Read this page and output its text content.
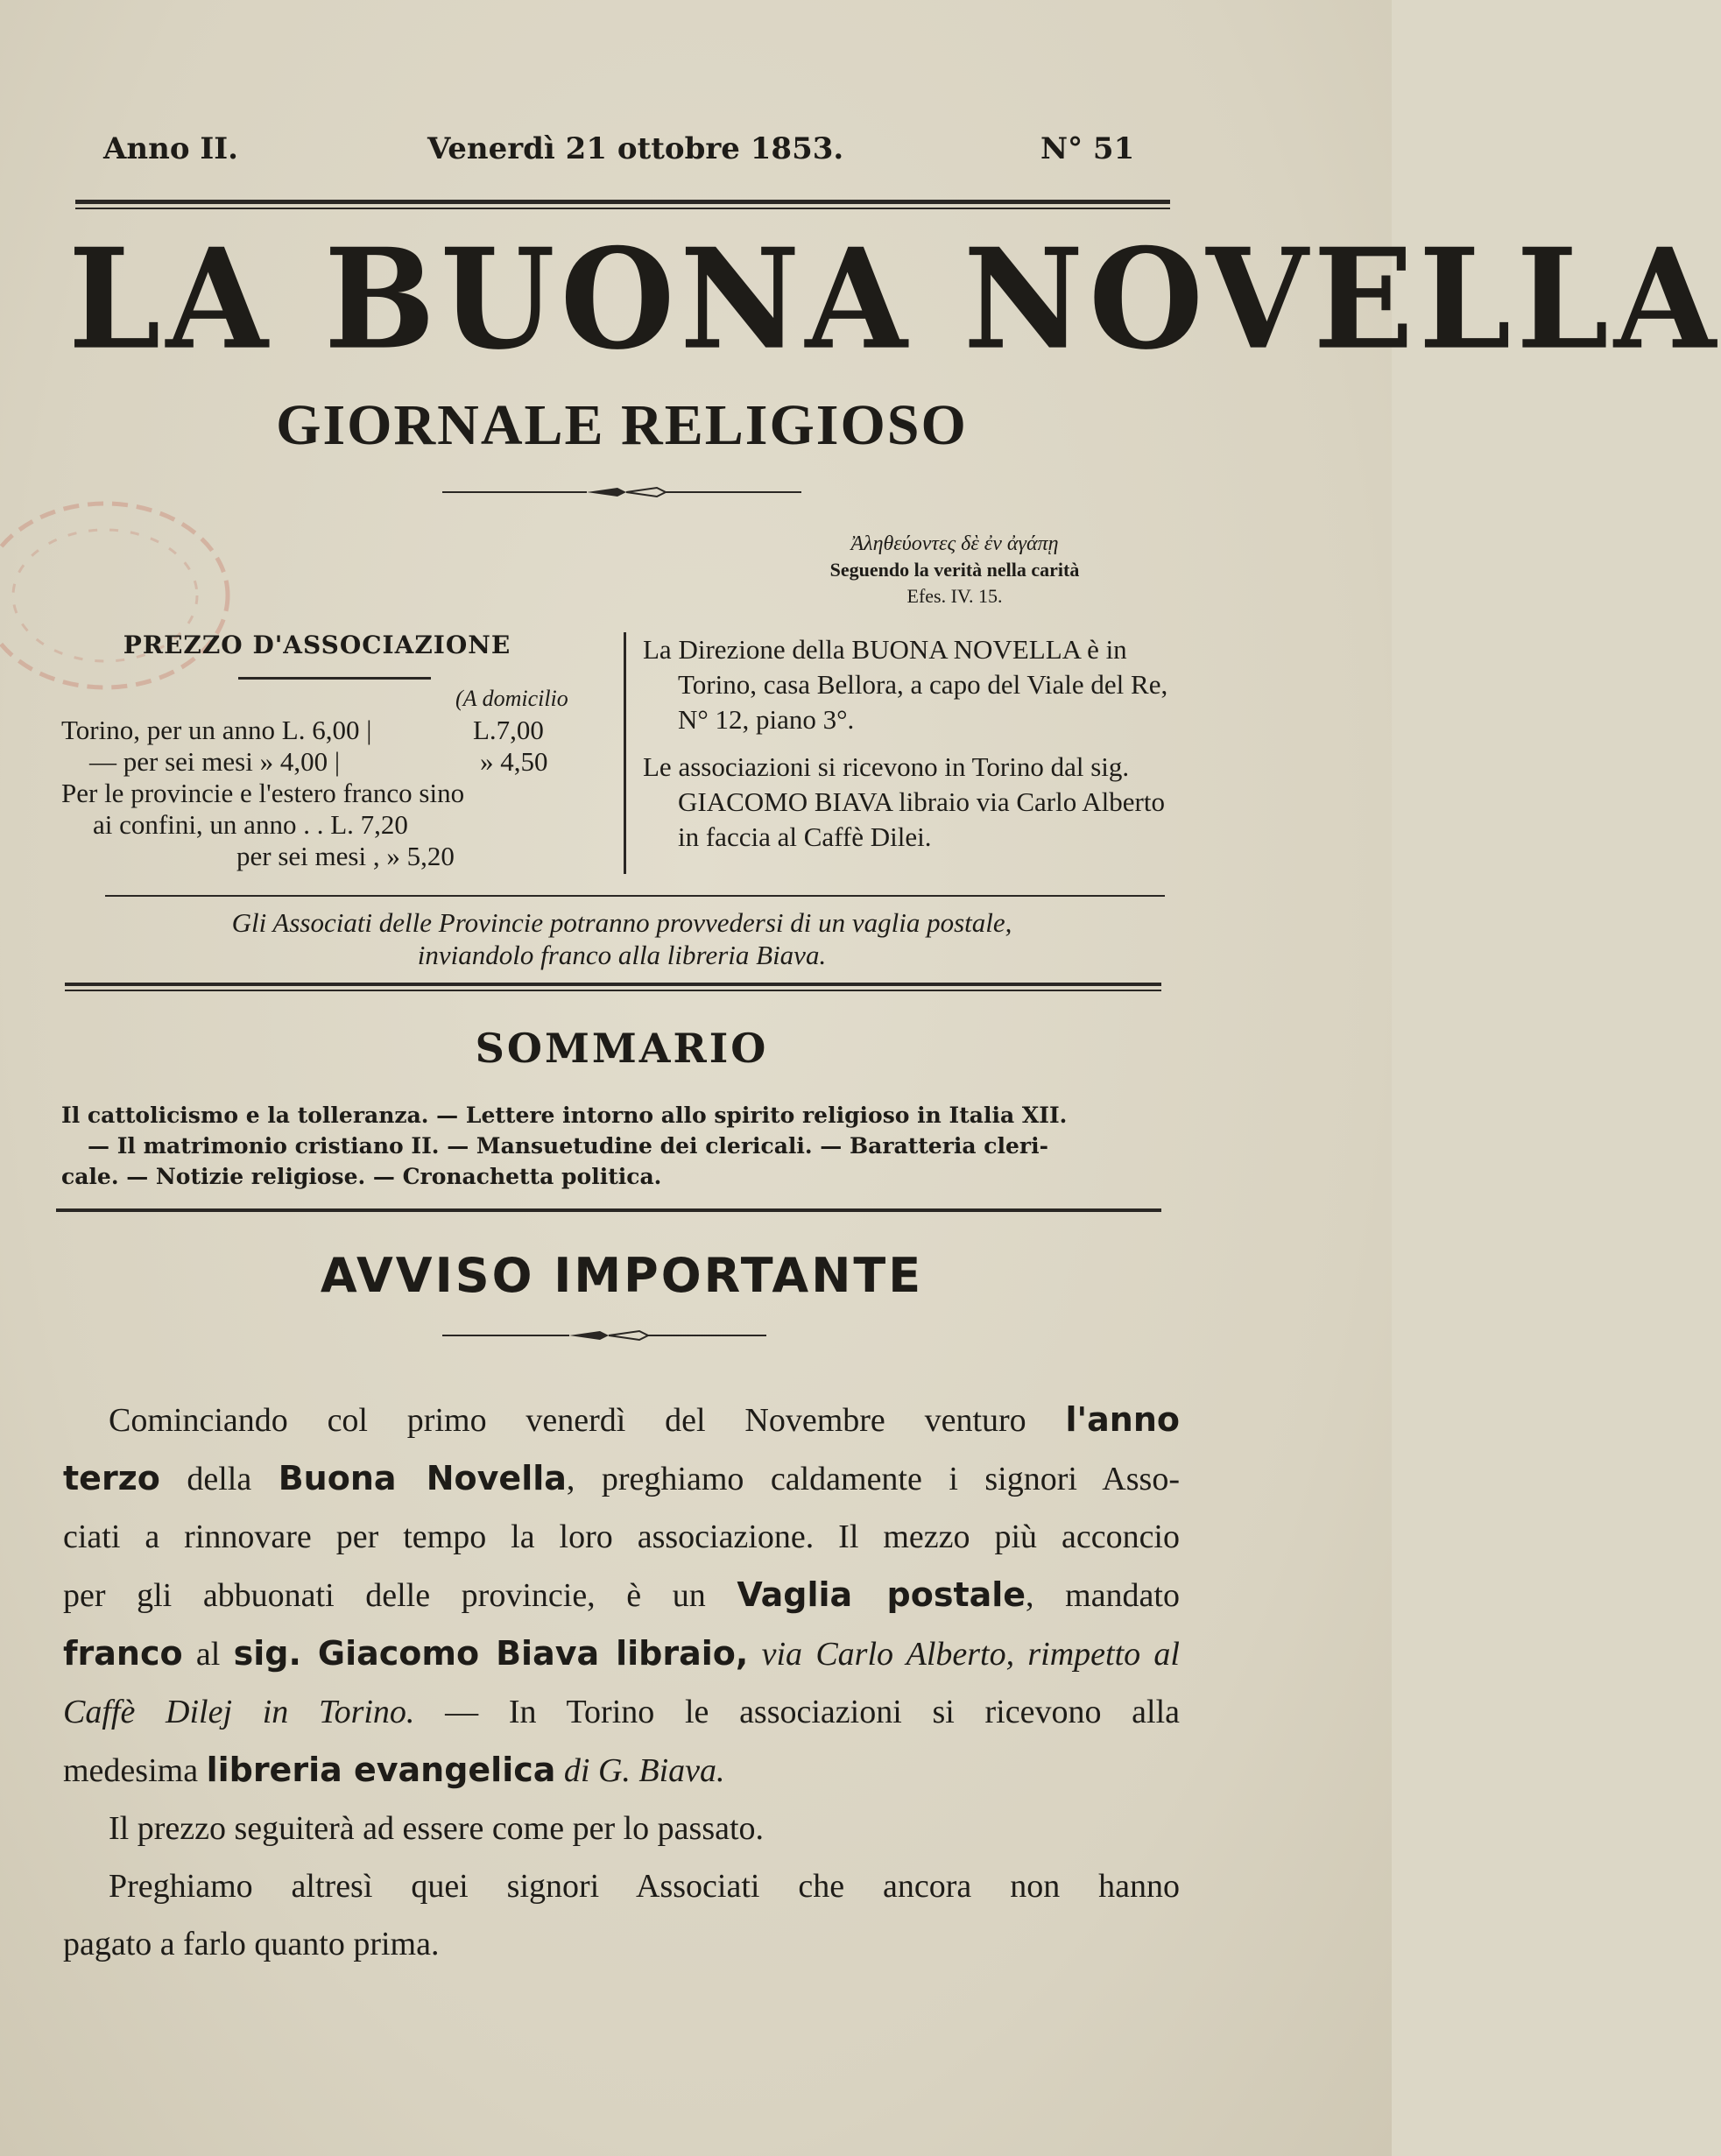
Anno II.	Venerdì 21 ottobre 1853.	N° 51
LA BUONA NOVELLA
GIORNALE RELIGIOSO
Ἀληθεύοντες δὲ ἐν ἀγάπῃ
Seguendo la verità nella carità
Efes. IV. 15.
PREZZO D'ASSOCIAZIONE
(A domicilio
Torino, per un anno L. 6,00 |	L.7,00
— per sei mesi » 4,00 |	» 4,50
Per le provincie e l'estero franco sino
ai confini, un anno . . L. 7,20
per sei mesi , » 5,20

La Direzione della BUONA NOVELLA è in Torino, casa Bellora, a capo del Viale del Re, N° 12, piano 3°.

Le associazioni si ricevono in Torino dal sig. GIACOMO BIAVA libraio via Carlo Alberto in faccia al Caffè Dilei.

Gli Associati delle Provincie potranno provvedersi di un vaglia postale,
inviandolo franco alla libreria Biava.
SOMMARIO
Il cattolicismo e la tolleranza. — Lettere intorno allo spirito religioso in Italia XII.
— Il matrimonio cristiano II. — Mansuetudine dei clericali. — Baratteria cleri-
cale. — Notizie religiose. — Cronachetta politica.
AVVISO IMPORTANTE
Cominciando col primo venerdì del Novembre venturo l'anno
terzo della Buona Novella, preghiamo caldamente i signori Asso-
ciati a rinnovare per tempo la loro associazione. Il mezzo più acconcio
per gli abbuonati delle provincie, è un Vaglia postale, mandato
franco al sig. Giacomo Biava libraio, via Carlo Alberto, rimpetto al
Caffè Dilej in Torino. — In Torino le associazioni si ricevono alla
medesima libreria evangelica di G. Biava.
Il prezzo seguiterà ad essere come per lo passato.
Preghiamo altresì quei signori Associati che ancora non hanno
pagato a farlo quanto prima.
